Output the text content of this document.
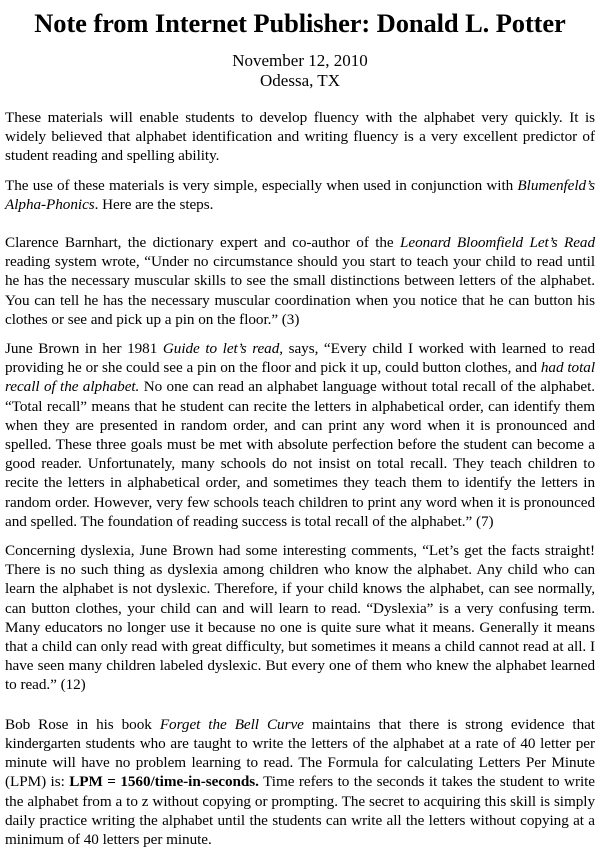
Note from Internet Publisher: Donald L. Potter
November 12, 2010
Odessa, TX

These materials will enable students to develop fluency with the alphabet very quickly. It is widely believed that alphabet identification and writing fluency is a very excellent predictor of student reading and spelling ability.

The use of these materials is very simple, especially when used in conjunction with Blumenfeld’s Alpha-Phonics. Here are the steps.

Clarence Barnhart, the dictionary expert and co-author of the Leonard Bloomfield Let’s Read reading system wrote, “Under no circumstance should you start to teach your child to read until he has the necessary muscular skills to see the small distinctions between letters of the alphabet. You can tell he has the necessary muscular coordination when you notice that he can button his clothes or see and pick up a pin on the floor.” (3)

June Brown in her 1981 Guide to let’s read, says, “Every child I worked with learned to read providing he or she could see a pin on the floor and pick it up, could button clothes, and had total recall of the alphabet. No one can read an alphabet language without total recall of the alphabet. “Total recall” means that he student can recite the letters in alphabetical order, can identify them when they are presented in random order, and can print any word when it is pronounced and spelled. These three goals must be met with absolute perfection before the student can become a good reader. Unfortunately, many schools do not insist on total recall. They teach children to recite the letters in alphabetical order, and sometimes they teach them to identify the letters in random order. However, very few schools teach children to print any word when it is pronounced and spelled. The foundation of reading success is total recall of the alphabet.” (7)

Concerning dyslexia, June Brown had some interesting comments, “Let’s get the facts straight! There is no such thing as dyslexia among children who know the alphabet. Any child who can learn the alphabet is not dyslexic. Therefore, if your child knows the alphabet, can see normally, can button clothes, your child can and will learn to read. “Dyslexia” is a very confusing term. Many educators no longer use it because no one is quite sure what it means. Generally it means that a child can only read with great difficulty, but sometimes it means a child cannot read at all. I have seen many children labeled dyslexic. But every one of them who knew the alphabet learned to read.” (12)

Bob Rose in his book Forget the Bell Curve maintains that there is strong evidence that kindergarten students who are taught to write the letters of the alphabet at a rate of 40 letter per minute will have no problem learning to read. The Formula for calculating Letters Per Minute (LPM) is: LPM = 1560/time-in-seconds. Time refers to the seconds it takes the student to write the alphabet from a to z without copying or prompting. The secret to acquiring this skill is simply daily practice writing the alphabet until the students can write all the letters without copying at a minimum of 40 letters per minute.
